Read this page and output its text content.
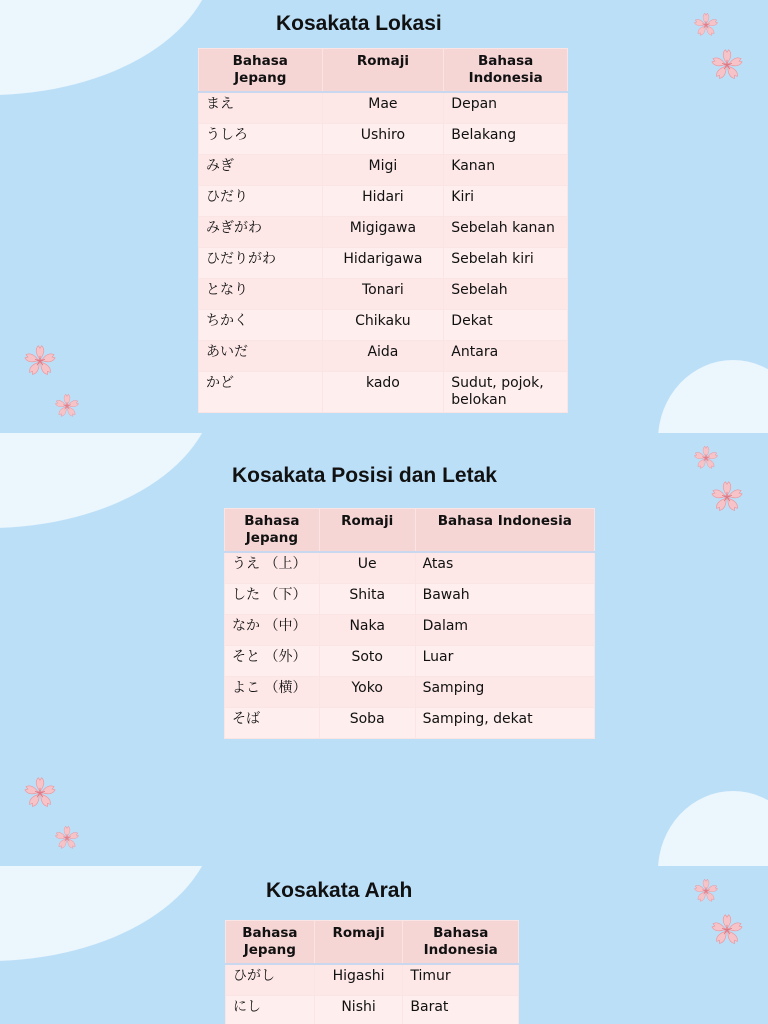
Kosakata Lokasi
Bahasa Jepang	Romaji	Bahasa Indonesia
まえ	Mae	Depan
うしろ	Ushiro	Belakang
みぎ	Migi	Kanan
ひだり	Hidari	Kiri
みぎがわ	Migigawa	Sebelah kanan
ひだりがわ	Hidarigawa	Sebelah kiri
となり	Tonari	Sebelah
ちかく	Chikaku	Dekat
あいだ	Aida	Antara
かど	kado	Sudut, pojok, belokan
Kosakata Posisi dan Letak
Bahasa Jepang	Romaji	Bahasa Indonesia
うえ （上）	Ue	Atas
した （下）	Shita	Bawah
なか （中）	Naka	Dalam
そと （外）	Soto	Luar
よこ （横）	Yoko	Samping
そば	Soba	Samping, dekat
Kosakata Arah
Bahasa Jepang	Romaji	Bahasa Indonesia
ひがし	Higashi	Timur
にし	Nishi	Barat
